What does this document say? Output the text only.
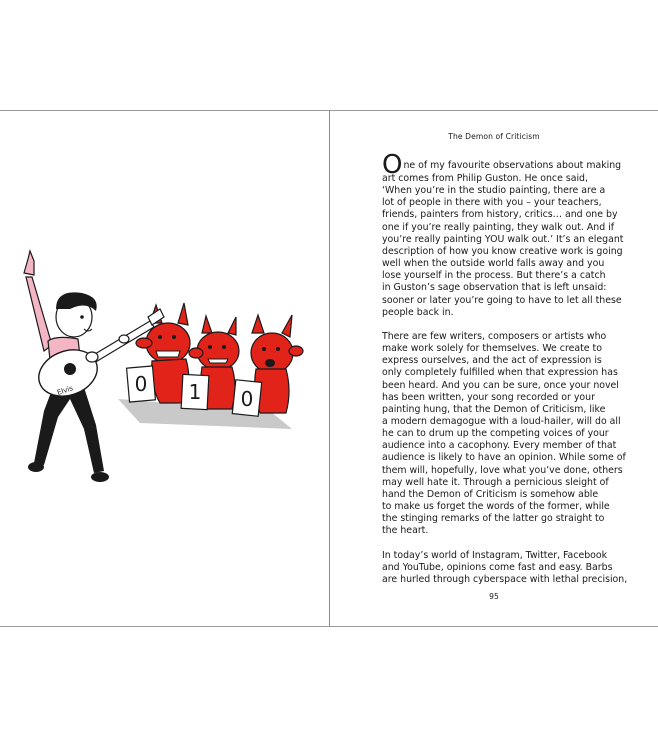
0 1 0
Elvis
The Demon of Criticism

One of my favourite observations about making
art comes from Philip Guston. He once said,
‘When you’re in the studio painting, there are a
lot of people in there with you – your teachers,
friends, painters from history, critics… and one by
one if you’re really painting, they walk out. And if
you’re really painting YOU walk out.’ It’s an elegant
description of how you know creative work is going
well when the outside world falls away and you
lose yourself in the process. But there’s a catch
in Guston’s sage observation that is left unsaid:
sooner or later you’re going to have to let all these
people back in.

There are few writers, composers or artists who
make work solely for themselves. We create to
express ourselves, and the act of expression is
only completely fulfilled when that expression has
been heard. And you can be sure, once your novel
has been written, your song recorded or your
painting hung, that the Demon of Criticism, like
a modern demagogue with a loud-hailer, will do all
he can to drum up the competing voices of your
audience into a cacophony. Every member of that
audience is likely to have an opinion. While some of
them will, hopefully, love what you’ve done, others
may well hate it. Through a pernicious sleight of
hand the Demon of Criticism is somehow able
to make us forget the words of the former, while
the stinging remarks of the latter go straight to
the heart.

In today’s world of Instagram, Twitter, Facebook
and YouTube, opinions come fast and easy. Barbs
are hurled through cyberspace with lethal precision,

95
